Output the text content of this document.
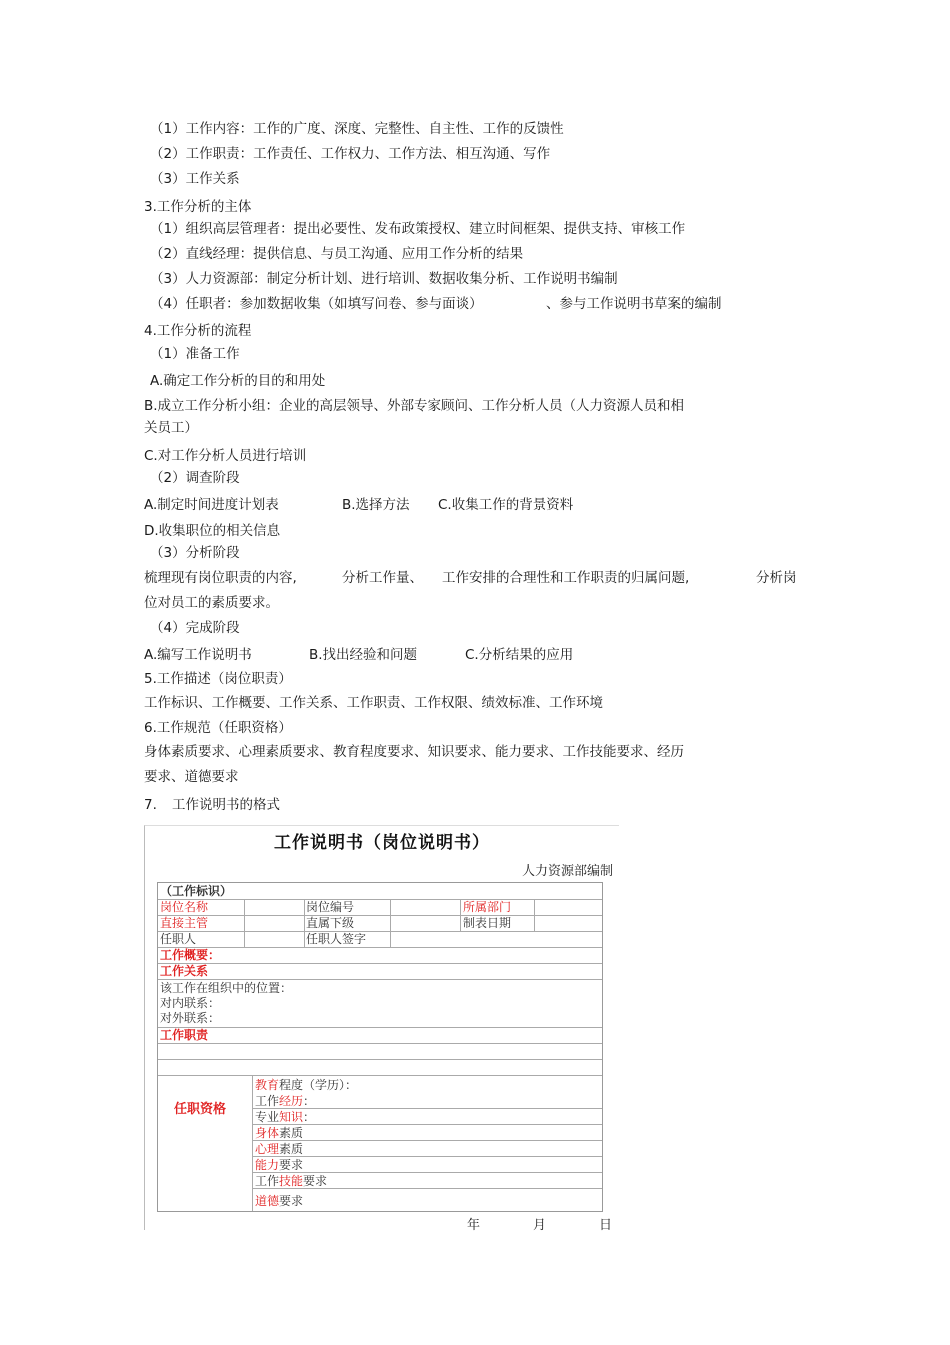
（1）工作内容：工作的广度、深度、完整性、自主性、工作的反馈性
（2）工作职责：工作责任、工作权力、工作方法、相互沟通、写作
（3）工作关系
3.工作分析的主体
（1）组织高层管理者：提出必要性、发布政策授权、建立时间框架、提供支持、审核工作
（2）直线经理：提供信息、与员工沟通、应用工作分析的结果
（3）人力资源部：制定分析计划、进行培训、数据收集分析、工作说明书编制
（4）任职者：参加数据收集（如填写问卷、参与面谈）	、参与工作说明书草案的编制
4.工作分析的流程
（1）准备工作
A.确定工作分析的目的和用处
B.成立工作分析小组：企业的高层领导、外部专家顾问、工作分析人员（人力资源人员和相
关员工）
C.对工作分析人员进行培训
（2）调查阶段
A.制定时间进度计划表	B.选择方法 C.收集工作的背景资料
D.收集职位的相关信息
（3）分析阶段
梳理现有岗位职责的内容,	分析工作量、 工作安排的合理性和工作职责的归属问题,	分析岗
位对员工的素质要求。
（4）完成阶段
A.编写工作说明书	B.找出经验和问题	C.分析结果的应用
5.工作描述（岗位职责）
工作标识、工作概要、工作关系、工作职责、工作权限、绩效标准、工作环境
6.工作规范（任职资格）
身体素质要求、心理素质要求、教育程度要求、知识要求、能力要求、工作技能要求、经历
要求、道德要求
7. 工作说明书的格式
工作说明书（岗位说明书）
人力资源部编制
（工作标识）
岗位名称	岗位编号	所属部门
直接主管	直属下级	制表日期
任职人	任职人签字
工作概要：
工作关系
该工作在组织中的位置：
对内联系：
对外联系：
工作职责
任职资格
教育程度（学历）：
工作经历：
专业知识：
身体素质
心理素质
能力要求
工作技能要求
道德要求
年	月	日
